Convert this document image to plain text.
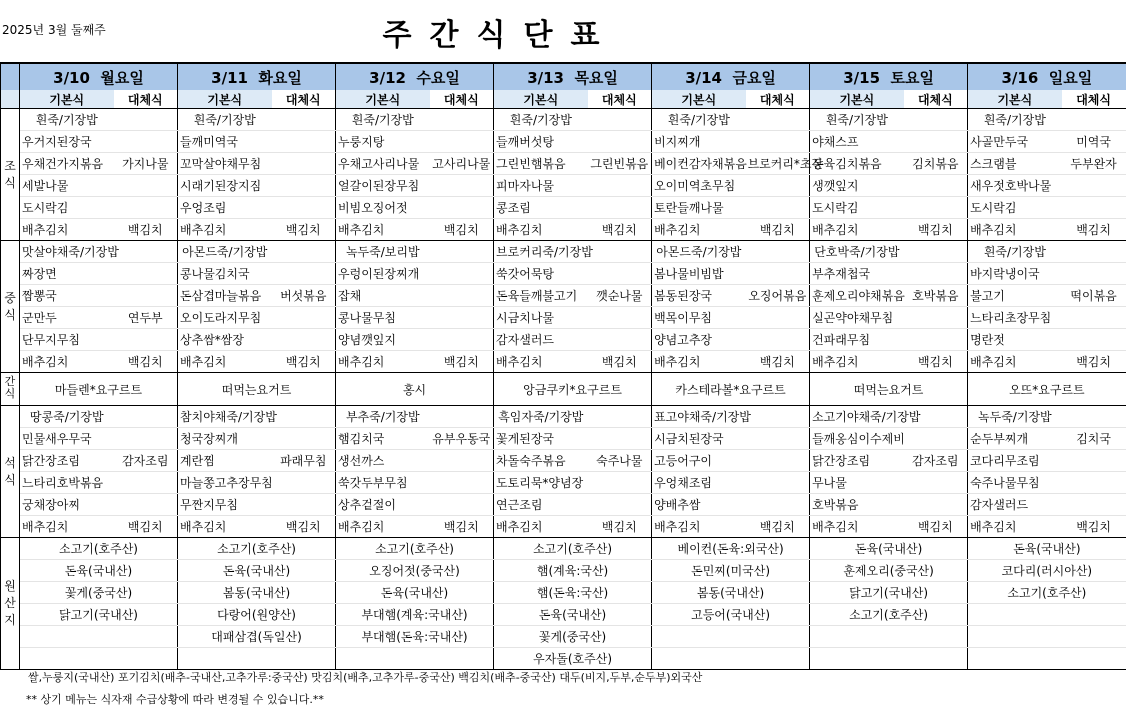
2025년 3월 둘째주	주간식단표
	3/10 월요일		3/11 화요일		3/12 수요일		3/13 목요일		3/14 금요일		3/15 토요일		3/16 일요일	
	기본식	대체식	기본식	대체식	기본식	대체식	기본식	대체식	기본식	대체식	기본식	대체식	기본식	대체식
조식	흰죽/기장밥		흰죽/기장밥		흰죽/기장밥		흰죽/기장밥		흰죽/기장밥		흰죽/기장밥		흰죽/기장밥	
	우거지된장국		들깨미역국		누룽지탕		들깨버섯탕		비지찌개		야채스프		사골만두국	미역국
	우채건가지볶음	가지나물	꼬막살야채무침		우채고사리나물	고사리나물	그린빈햄볶음	그린빈볶음	베이컨감자채볶음	브로커리*초장	돈육김치볶음	김치볶음	스크램블	두부완자
	세발나물		시래기된장지짐		얼갈이된장무침		피마자나물		오이미역초무침		생깻잎지		새우젓호박나물	
	도시락김		우엉조림		비빔오징어젓		콩조림		토란들깨나물		도시락김		도시락김	
	배추김치	백김치	배추김치	백김치	배추김치	백김치	배추김치	백김치	배추김치	백김치	배추김치	백김치	배추김치	백김치
중식	맛살야채죽/기장밥		아몬드죽/기장밥		녹두죽/보리밥		브로커리죽/기장밥		아몬드죽/기장밥		단호박죽/기장밥		흰죽/기장밥	
	짜장면		콩나물김치국		우렁이된장찌개		쑥갓어묵탕		봄나물비빔밥		부추재첩국		바지락냉이국	
	짬뽕국		돈삼겹마늘볶음	버섯볶음	잡채		돈육들깨불고기	깻순나물	봄동된장국	오징어볶음	훈제오리야채볶음	호박볶음	불고기	떡이볶음
	군만두	연두부	오이도라지무침		콩나물무침		시금치나물		백목이무침		실곤약야채무침		느타리초장무침	
	단무지무침		상추쌈*쌈장		양념깻잎지		감자샐러드		양념고추장		건파래무침		명란젓	
	배추김치	백김치	배추김치	백김치	배추김치	백김치	배추김치	백김치	배추김치	백김치	배추김치	백김치	배추김치	백김치
간식	마들렌*요구르트		떠먹는요거트		홍시		앙금쿠키*요구르트		카스테라볼*요구르트		떠먹는요거트		오뜨*요구르트	
석식	땅콩죽/기장밥		참치야채죽/기장밥		부추죽/기장밥		흑임자죽/기장밥		표고야채죽/기장밥		소고기야채죽/기장밥		녹두죽/기장밥	
	민물새우무국		청국장찌개		햄김치국	유부우동국	꽃게된장국		시금치된장국		들깨옹심이수제비		순두부찌개	김치국
	닭간장조림	감자조림	계란찜	파래무침	생선까스		차돌숙주볶음	숙주나물	고등어구이		닭간장조림	감자조림	코다리무조림	
	느타리호박볶음		마늘쫑고추장무침		쑥갓두부무침		도토리묵*양념장		우엉채조림		무나물		숙주나물무침	
	궁채장아찌		무짠지무침		상추겉절이		연근조림		양배추쌈		호박볶음		감자샐러드	
	배추김치	백김치	배추김치	백김치	배추김치	백김치	배추김치	백김치	배추김치	백김치	배추김치	백김치	배추김치	백김치
원산지	소고기(호주산)		소고기(호주산)		소고기(호주산)		소고기(호주산)		베이컨(돈육:외국산)		돈육(국내산)		돈육(국내산)	
	돈육(국내산)		돈육(국내산)		오징어젓(중국산)		햄(계육:국산)		돈민찌(미국산)		훈제오리(중국산)		코다리(러시아산)	
	꽃게(중국산)		봄동(국내산)		돈육(국내산)		햄(돈육:국산)		봄동(국내산)		닭고기(국내산)		소고기(호주산)	
	닭고기(국내산)		다랑어(원양산)		부대햄(계육:국내산)		돈육(국내산)		고등어(국내산)		소고기(호주산)			
			대패삼겹(독일산)		부대햄(돈육:국내산)		꽃게(중국산)							
							우자돌(호주산)							
쌀,누룽지(국내산) 포기김치(배추-국내산,고추가루:중국산) 맛김치(배추,고추가루-중국산) 백김치(배추-중국산) 대두(비지,두부,순두부)외국산
** 상기 메뉴는 식자재 수급상황에 따라 변경될 수 있습니다.**
